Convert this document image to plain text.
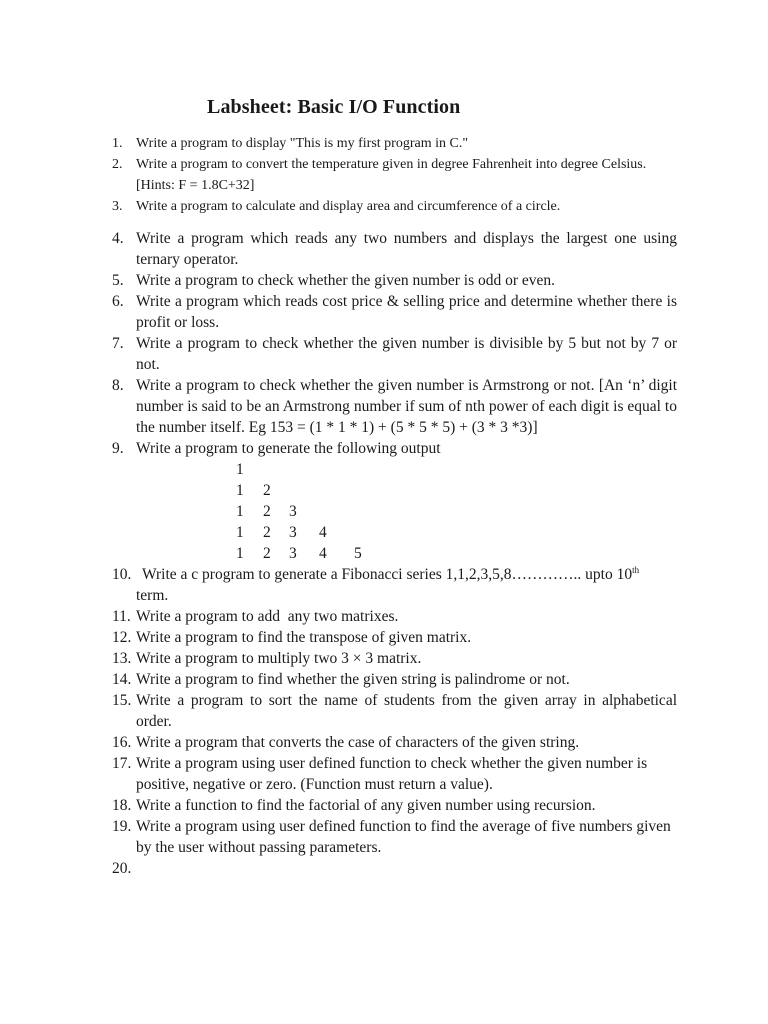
Labsheet: Basic I/O Function
1. Write a program to display "This is my first program in C."
2. Write a program to convert the temperature given in degree Fahrenheit into degree Celsius. [Hints: F = 1.8C+32]
3. Write a program to calculate and display area and circumference of a circle.
4. Write a program which reads any two numbers and displays the largest one using ternary operator.
5. Write a program to check whether the given number is odd or even.
6. Write a program which reads cost price & selling price and determine whether there is profit or loss.
7. Write a program to check whether the given number is divisible by 5 but not by 7 or not.
8. Write a program to check whether the given number is Armstrong or not. [An ‘n’ digit number is said to be an Armstrong number if sum of nth power of each digit is equal to the number itself. Eg 153 = (1 * 1 * 1) + (5 * 5 * 5) + (3 * 3 *3)]
9. Write a program to generate the following output
1
1 2
1 2 3
1 2 3 4
1 2 3 4 5
10. Write a c program to generate a Fibonacci series 1,1,2,3,5,8………….. upto 10th
term.
11. Write a program to add  any two matrixes.
12. Write a program to find the transpose of given matrix.
13. Write a program to multiply two 3 × 3 matrix.
14. Write a program to find whether the given string is palindrome or not.
15. Write a program to sort the name of students from the given array in alphabetical order.
16. Write a program that converts the case of characters of the given string.
17. Write a program using user defined function to check whether the given number is positive, negative or zero. (Function must return a value).
18. Write a function to find the factorial of any given number using recursion.
19. Write a program using user defined function to find the average of five numbers given by the user without passing parameters.
20.
